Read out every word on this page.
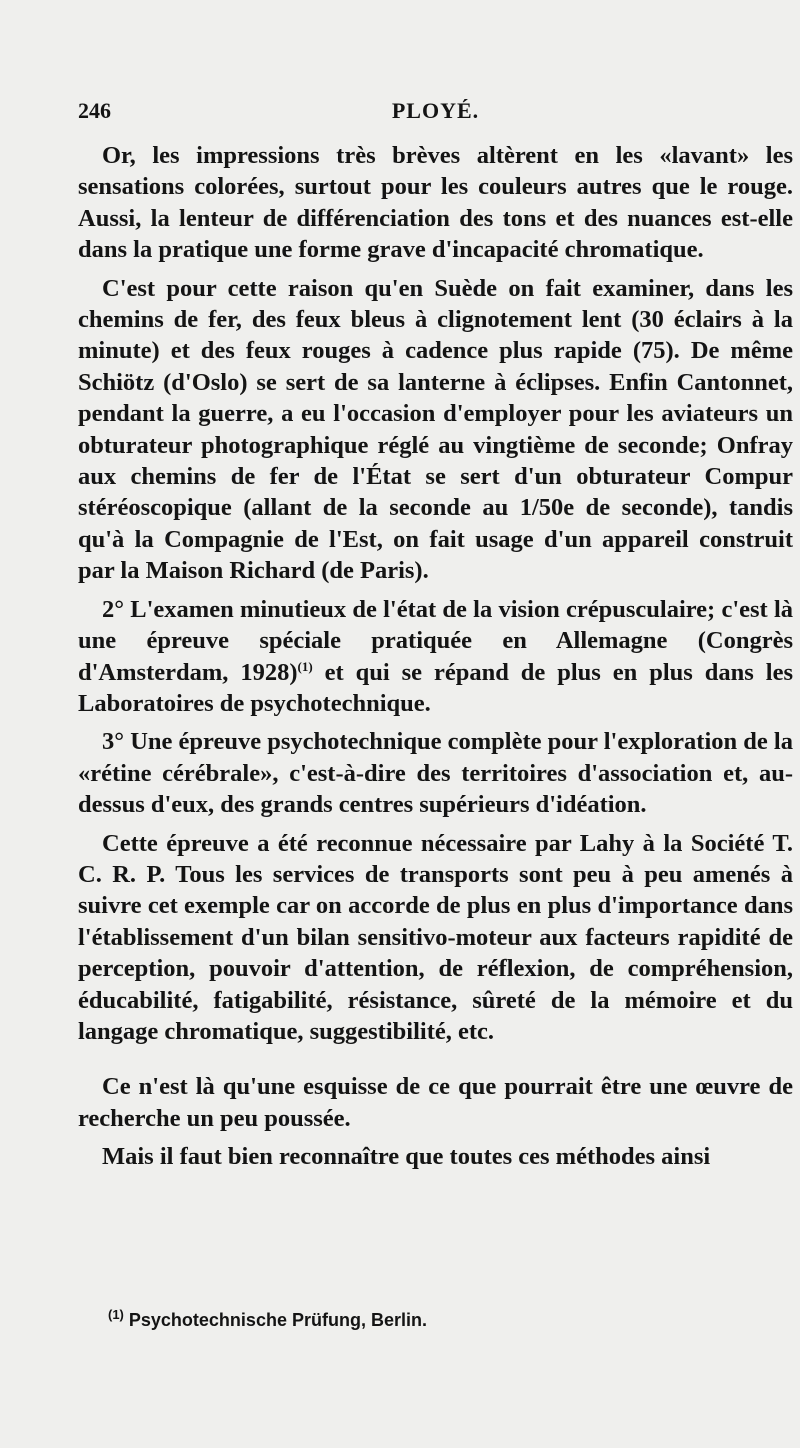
246	PLOYÉ.

Or, les impressions très brèves altèrent en les «lavant» les sensations colorées, surtout pour les couleurs autres que le rouge. Aussi, la lenteur de différenciation des tons et des nuances est-elle dans la pratique une forme grave d'incapacité chromatique.

C'est pour cette raison qu'en Suède on fait examiner, dans les chemins de fer, des feux bleus à clignotement lent (30 éclairs à la minute) et des feux rouges à cadence plus rapide (75). De même Schiötz (d'Oslo) se sert de sa lanterne à éclipses. Enfin Cantonnet, pendant la guerre, a eu l'occasion d'employer pour les aviateurs un obturateur photographique réglé au vingtième de seconde; Onfray aux chemins de fer de l'État se sert d'un obturateur Compur stéréoscopique (allant de la seconde au 1/50e de seconde), tandis qu'à la Compagnie de l'Est, on fait usage d'un appareil construit par la Maison Richard (de Paris).

2° L'examen minutieux de l'état de la vision crépusculaire; c'est là une épreuve spéciale pratiquée en Allemagne (Congrès d'Amsterdam, 1928)$^{(1)}$ et qui se répand de plus en plus dans les Laboratoires de psychotechnique.

3° Une épreuve psychotechnique complète pour l'exploration de la «rétine cérébrale», c'est-à-dire des territoires d'association et, au-dessus d'eux, des grands centres supérieurs d'idéation.

Cette épreuve a été reconnue nécessaire par Lahy à la Société T. C. R. P. Tous les services de transports sont peu à peu amenés à suivre cet exemple car on accorde de plus en plus d'importance dans l'établissement d'un bilan sensitivo-moteur aux facteurs rapidité de perception, pouvoir d'attention, de réflexion, de compréhension, éducabilité, fatigabilité, résistance, sûreté de la mémoire et du langage chromatique, suggestibilité, etc.

Ce n'est là qu'une esquisse de ce que pourrait être une œuvre de recherche un peu poussée.

Mais il faut bien reconnaître que toutes ces méthodes ainsi

$^{(1)}$ Psychotechnische Prüfung, Berlin.
